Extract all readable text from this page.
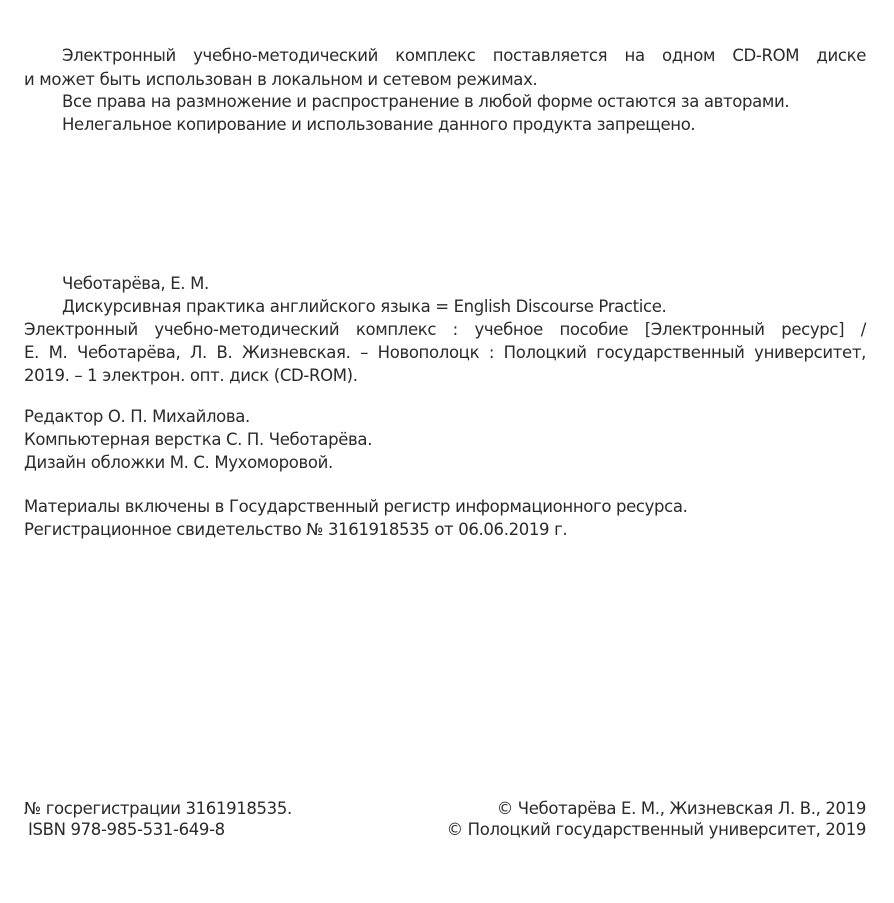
Электронный учебно-методический комплекс поставляется на одном CD-ROM диске
и может быть использован в локальном и сетевом режимах.
Все права на размножение и распространение в любой форме остаются за авторами.
Нелегальное копирование и использование данного продукта запрещено.
Чеботарёва, Е. М.
Дискурсивная практика английского языка = English Discourse Practice.
Электронный учебно-методический комплекс : учебное пособие [Электронный ресурс] /
Е. М. Чеботарёва, Л. В. Жизневская. – Новополоцк : Полоцкий государственный университет,
2019. – 1 электрон. опт. диск (CD-ROM).
Редактор О. П. Михайлова.
Компьютерная верстка С. П. Чеботарёва.
Дизайн обложки М. С. Мухоморовой.
Материалы включены в Государственный регистр информационного ресурса.
Регистрационное свидетельство № 3161918535 от 06.06.2019 г.
№ госрегистрации 3161918535.
ISBN 978-985-531-649-8
© Чеботарёва Е. М., Жизневская Л. В., 2019
© Полоцкий государственный университет, 2019
